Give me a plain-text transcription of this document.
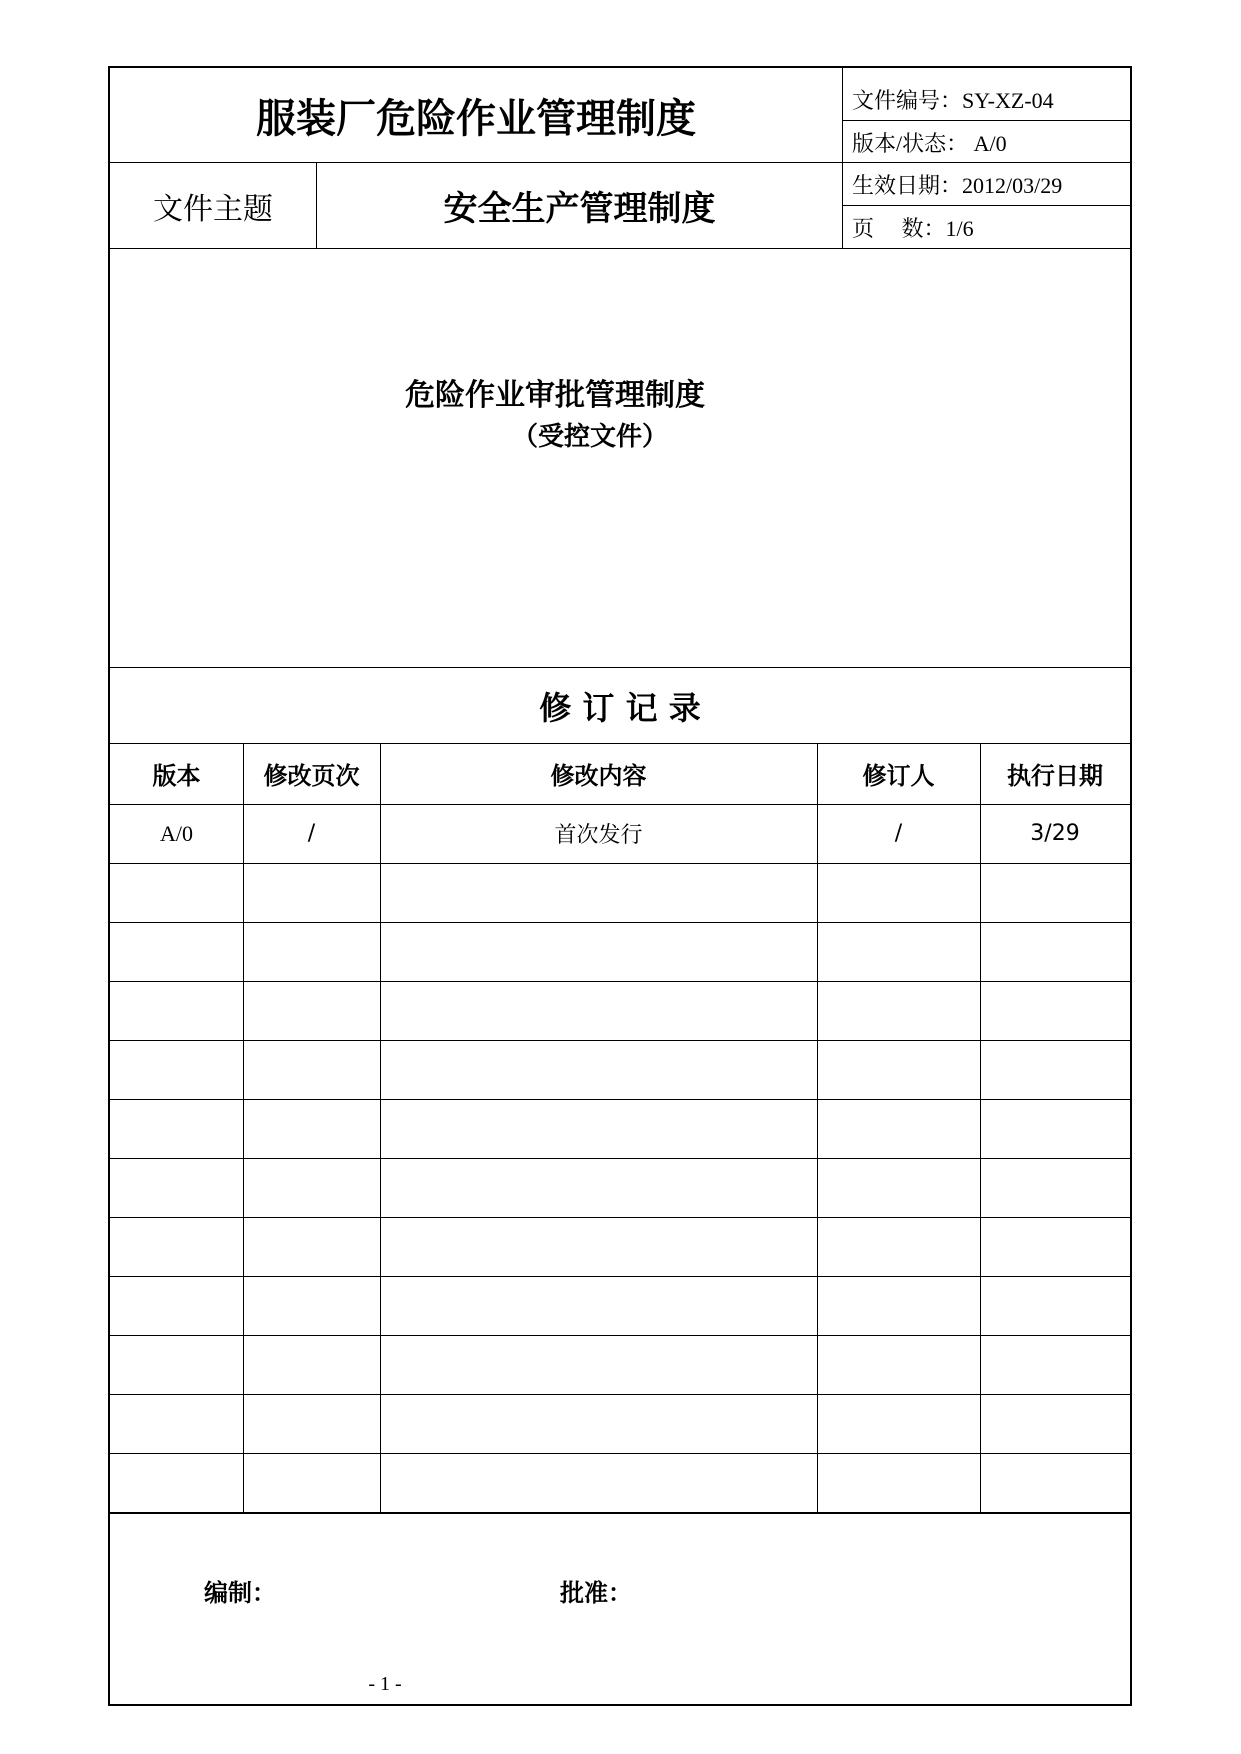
服装厂危险作业管理制度	文件编号：SY-XZ-04
版本/状态： A/0
文件主题	安全生产管理制度
生效日期：2012/03/29
页　 数：1/6
危险作业审批管理制度
（受控文件）
修 订 记 录
版本	修改页次	修改内容	修订人	执行日期
A/0	/	首次发行	/	3/29
编制：	批准：
- 1 -
